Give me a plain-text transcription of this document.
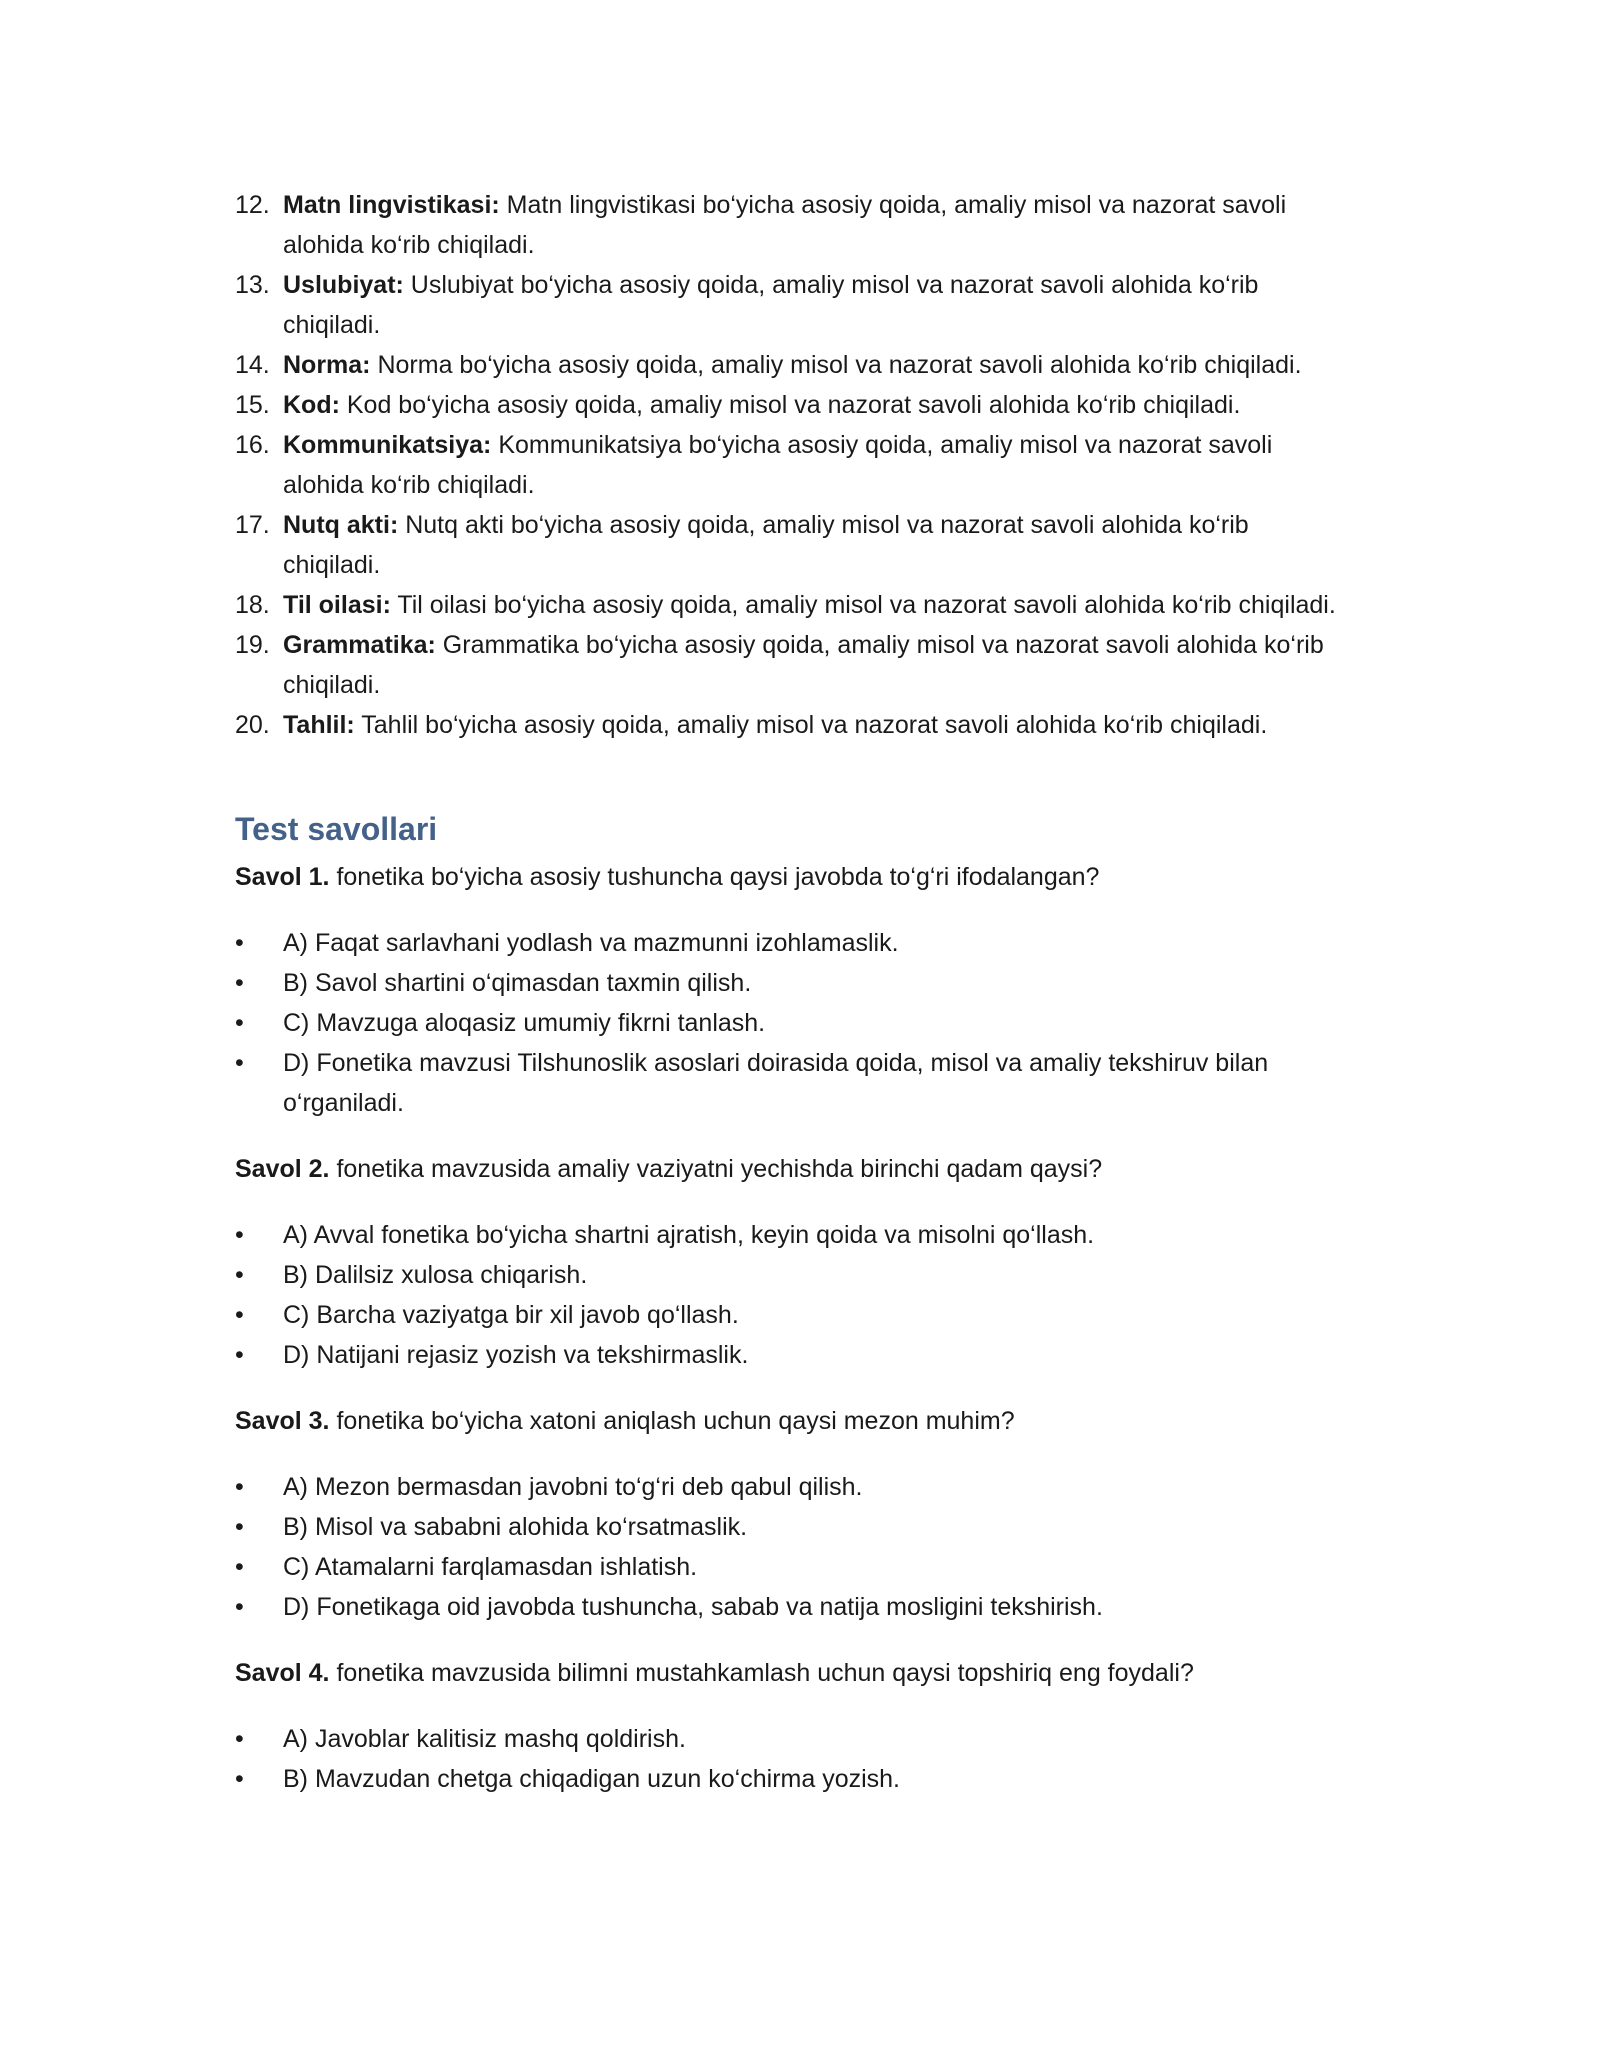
12. Matn lingvistikasi: Matn lingvistikasi bo‘yicha asosiy qoida, amaliy misol va nazorat savoli alohida ko‘rib chiqiladi.
13. Uslubiyat: Uslubiyat bo‘yicha asosiy qoida, amaliy misol va nazorat savoli alohida ko‘rib chiqiladi.
14. Norma: Norma bo‘yicha asosiy qoida, amaliy misol va nazorat savoli alohida ko‘rib chiqiladi.
15. Kod: Kod bo‘yicha asosiy qoida, amaliy misol va nazorat savoli alohida ko‘rib chiqiladi.
16. Kommunikatsiya: Kommunikatsiya bo‘yicha asosiy qoida, amaliy misol va nazorat savoli alohida ko‘rib chiqiladi.
17. Nutq akti: Nutq akti bo‘yicha asosiy qoida, amaliy misol va nazorat savoli alohida ko‘rib chiqiladi.
18. Til oilasi: Til oilasi bo‘yicha asosiy qoida, amaliy misol va nazorat savoli alohida ko‘rib chiqiladi.
19. Grammatika: Grammatika bo‘yicha asosiy qoida, amaliy misol va nazorat savoli alohida ko‘rib chiqiladi.
20. Tahlil: Tahlil bo‘yicha asosiy qoida, amaliy misol va nazorat savoli alohida ko‘rib chiqiladi.
Test savollari

Savol 1. fonetika bo‘yicha asosiy tushuncha qaysi javobda to‘g‘ri ifodalangan?

•	A) Faqat sarlavhani yodlash va mazmunni izohlamaslik.
•	B) Savol shartini o‘qimasdan taxmin qilish.
•	C) Mavzuga aloqasiz umumiy fikrni tanlash.
•	D) Fonetika mavzusi Tilshunoslik asoslari doirasida qoida, misol va amaliy tekshiruv bilan o‘rganiladi.

Savol 2. fonetika mavzusida amaliy vaziyatni yechishda birinchi qadam qaysi?

•	A) Avval fonetika bo‘yicha shartni ajratish, keyin qoida va misolni qo‘llash.
•	B) Dalilsiz xulosa chiqarish.
•	C) Barcha vaziyatga bir xil javob qo‘llash.
•	D) Natijani rejasiz yozish va tekshirmaslik.

Savol 3. fonetika bo‘yicha xatoni aniqlash uchun qaysi mezon muhim?

•	A) Mezon bermasdan javobni to‘g‘ri deb qabul qilish.
•	B) Misol va sababni alohida ko‘rsatmaslik.
•	C) Atamalarni farqlamasdan ishlatish.
•	D) Fonetikaga oid javobda tushuncha, sabab va natija mosligini tekshirish.

Savol 4. fonetika mavzusida bilimni mustahkamlash uchun qaysi topshiriq eng foydali?

•	A) Javoblar kalitisiz mashq qoldirish.
•	B) Mavzudan chetga chiqadigan uzun ko‘chirma yozish.
